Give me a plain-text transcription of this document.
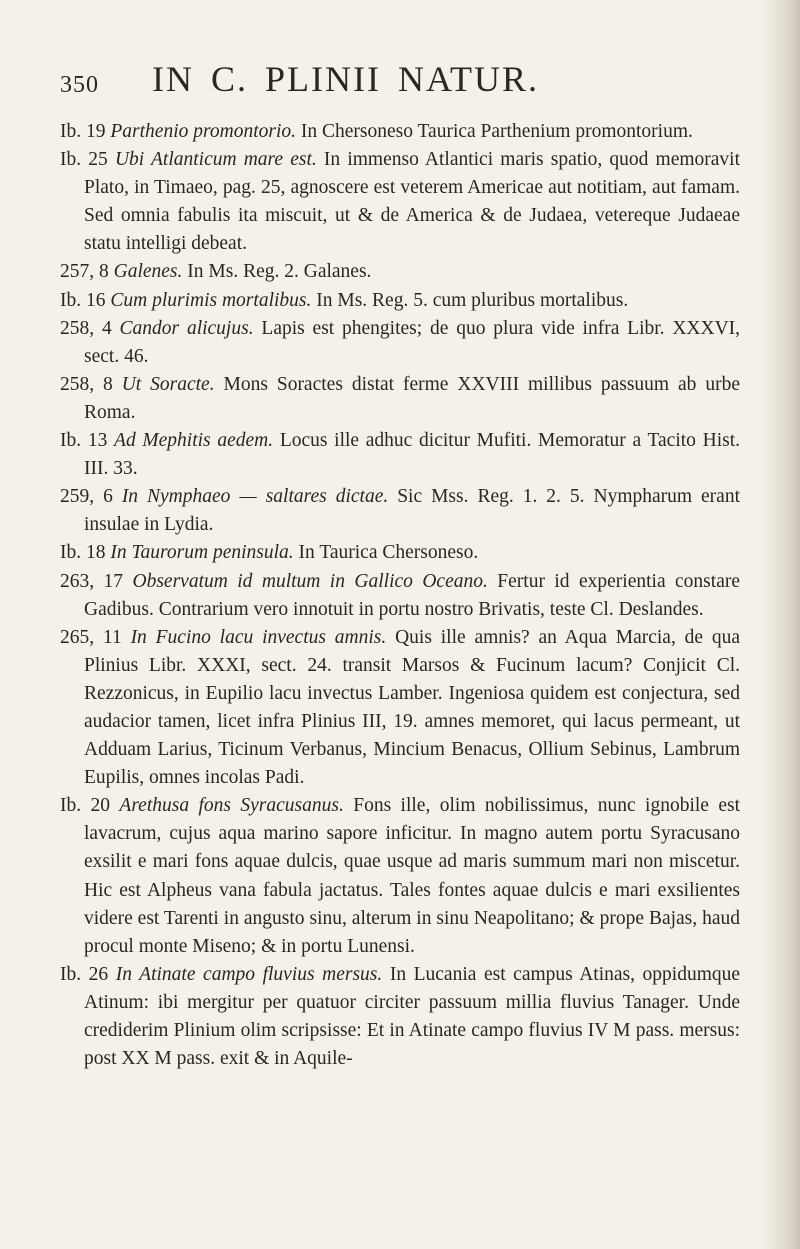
350 IN C. PLINII NATUR.

Ib. 19 Parthenio promontorio. In Chersoneso Taurica Parthenium promontorium.

Ib. 25 Ubi Atlanticum mare est. In immenso Atlantici maris spatio, quod memoravit Plato, in Timaeo, pag. 25, agnoscere est veterem Americae aut notitiam, aut famam. Sed omnia fabulis ita miscuit, ut & de America & de Judaea, vetereque Judaeae statu intelligi debeat.

257, 8 Galenes. In Ms. Reg. 2. Galanes.

Ib. 16 Cum plurimis mortalibus. In Ms. Reg. 5. cum pluribus mortalibus.

258, 4 Candor alicujus. Lapis est phengites; de quo plura vide infra Libr. XXXVI, sect. 46.

258, 8 Ut Soracte. Mons Soractes distat ferme XXVIII millibus passuum ab urbe Roma.

Ib. 13 Ad Mephitis aedem. Locus ille adhuc dicitur Mufiti. Memoratur a Tacito Hist. III. 33.

259, 6 In Nymphaeo — saltares dictae. Sic Mss. Reg. 1. 2. 5. Nympharum erant insulae in Lydia.

Ib. 18 In Taurorum peninsula. In Taurica Chersoneso.

263, 17 Observatum id multum in Gallico Oceano. Fertur id experientia constare Gadibus. Contrarium vero innotuit in portu nostro Brivatis, teste Cl. Deslandes.

265, 11 In Fucino lacu invectus amnis. Quis ille amnis? an Aqua Marcia, de qua Plinius Libr. XXXI, sect. 24. transit Marsos & Fucinum lacum? Conjicit Cl. Rezzonicus, in Eupilio lacu invectus Lamber. Ingeniosa quidem est conjectura, sed audacior tamen, licet infra Plinius III, 19. amnes memoret, qui lacus permeant, ut Adduam Larius, Ticinum Verbanus, Mincium Benacus, Ollium Sebinus, Lambrum Eupilis, omnes incolas Padi.

Ib. 20 Arethusa fons Syracusanus. Fons ille, olim nobilissimus, nunc ignobile est lavacrum, cujus aqua marino sapore inficitur. In magno autem portu Syracusano exsilit e mari fons aquae dulcis, quae usque ad maris summum mari non miscetur. Hic est Alpheus vana fabula jactatus. Tales fontes aquae dulcis e mari exsilientes videre est Tarenti in angusto sinu, alterum in sinu Neapolitano; & prope Bajas, haud procul monte Miseno; & in portu Lunensi.

Ib. 26 In Atinate campo fluvius mersus. In Lucania est campus Atinas, oppidumque Atinum: ibi mergitur per quatuor circiter passuum millia fluvius Tanager. Unde crediderim Plinium olim scripsisse: Et in Atinate campo fluvius IV M pass. mersus: post XX M pass. exit & in Aquile-
